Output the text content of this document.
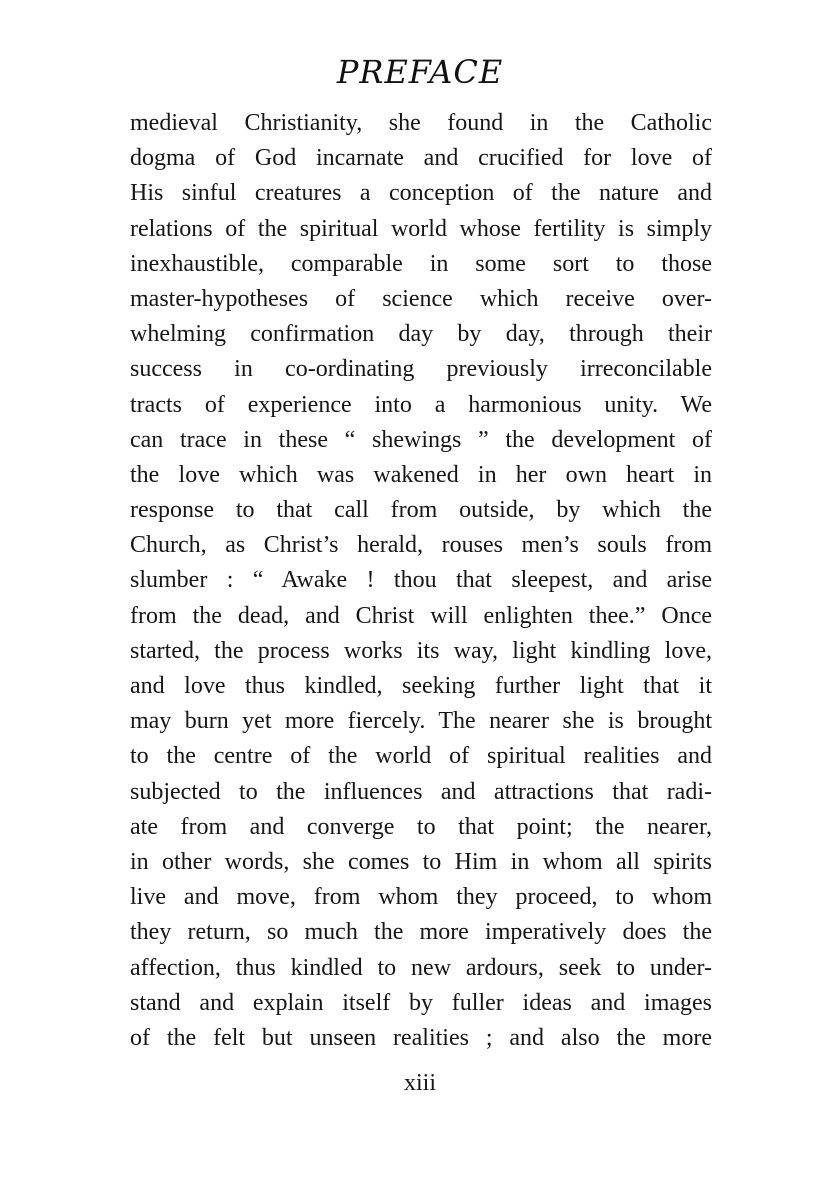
PREFACE
medieval Christianity, she found in the Catholic
dogma of God incarnate and crucified for love of
His sinful creatures a conception of the nature and
relations of the spiritual world whose fertility is simply
inexhaustible, comparable in some sort to those
master-hypotheses of science which receive over-
whelming confirmation day by day, through their
success in co-ordinating previously irreconcilable
tracts of experience into a harmonious unity. We
can trace in these “ shewings ” the development of
the love which was wakened in her own heart in
response to that call from outside, by which the
Church, as Christ’s herald, rouses men’s souls from
slumber : “ Awake ! thou that sleepest, and arise
from the dead, and Christ will enlighten thee.” Once
started, the process works its way, light kindling love,
and love thus kindled, seeking further light that it
may burn yet more fiercely. The nearer she is brought
to the centre of the world of spiritual realities and
subjected to the influences and attractions that radi-
ate from and converge to that point; the nearer,
in other words, she comes to Him in whom all spirits
live and move, from whom they proceed, to whom
they return, so much the more imperatively does the
affection, thus kindled to new ardours, seek to under-
stand and explain itself by fuller ideas and images
of the felt but unseen realities ; and also the more
xiii
